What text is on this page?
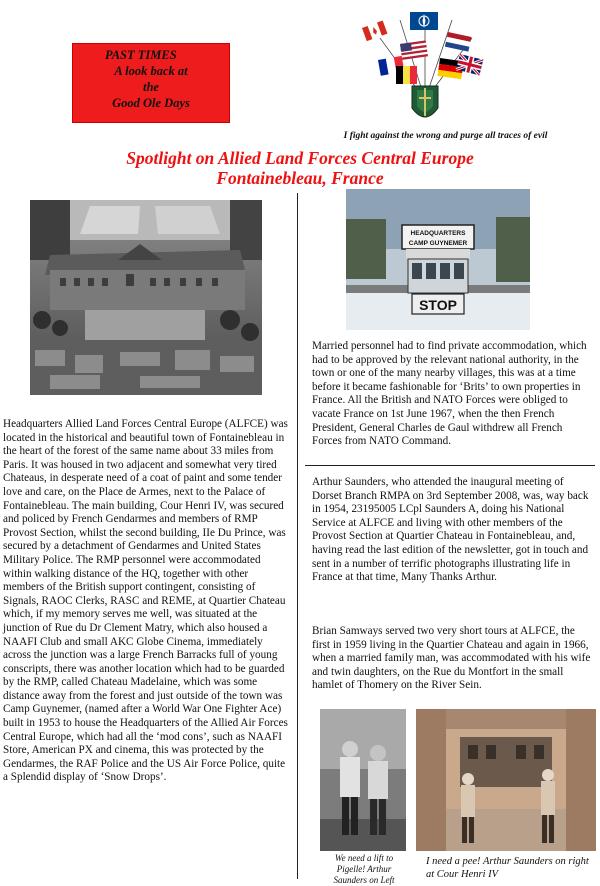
PAST TIMES
A look back at
the
Good Ole Days
I fight against the wrong and purge all traces of evil
Spotlight on Allied Land Forces Central Europe
Fontainebleau, France
HEADQUARTERS
CAMP GUYNEMER
STOP
Headquarters Allied Land Forces Central Europe (ALFCE) was located in the historical and beautiful town of Fontainebleau in the heart of the forest of the same name about 33 miles from Paris. It was housed in two adjacent and somewhat very tired Chateaus, in desperate need of a coat of paint and some tender love and care, on the Place de Armes, next to the Palace of Fontainebleau. The main building, Cour Henri IV, was secured and policed by French Gendarmes and members of RMP Provost Section, whilst the second building, IIe Du Prince, was secured by a detachment of Gendarmes and United States Military Police. The RMP personnel were accommodated within walking distance of the HQ, together with other members of the British support contingent, consisting of Signals, RAOC Clerks, RASC and REME, at Quartier Chateau which, if my memory serves me well, was situated at the junction of Rue du Dr Clement Matry, which also housed a NAAFI Club and small AKC Globe Cinema, immediately across the junction was a large French Barracks full of young conscripts, there was another location which had to be guarded by the RMP, called Chateau Madelaine, which was some distance away from the forest and just outside of the town was Camp Guynemer, (named after a World War One Fighter Ace) built in 1953 to house the Headquarters of the Allied Air Forces Central Europe, which had all the ‘mod cons’, such as NAAFI Store, American PX and cinema, this was protected by the Gendarmes, the RAF Police and the US Air Force Police, quite a Splendid display of ‘Snow Drops’.
Married personnel had to find private accommodation, which had to be approved by the relevant national authority, in the town or one of the many nearby villages, this was at a time before it became fashionable for ‘Brits’ to own properties in France. All the British and NATO Forces were obliged to vacate France on 1st June 1967, when the then French President, General Charles de Gaul withdrew all French Forces from NATO Command.
Arthur Saunders, who attended the inaugural meeting of Dorset Branch RMPA on 3rd September 2008, was, way back in 1954, 23195005 LCpl Saunders A, doing his National Service at ALFCE and living with other members of the Provost Section at Quartier Chateau in Fontainebleau, and, having read the last edition of the newsletter, got in touch and sent in a number of terrific photographs illustrating life in France at that time, Many Thanks Arthur.
Brian Samways served two very short tours at ALFCE, the first in 1959 living in the Quartier Chateau and again in 1966, when a married family man, was accommodated with his wife and twin daughters, on the Rue du Montfort in the small hamlet of Thomery on the River Sein.
We need a lift to Pigelle! Arthur Saunders on Left
I need a pee! Arthur Saunders on right at Cour Henri IV
